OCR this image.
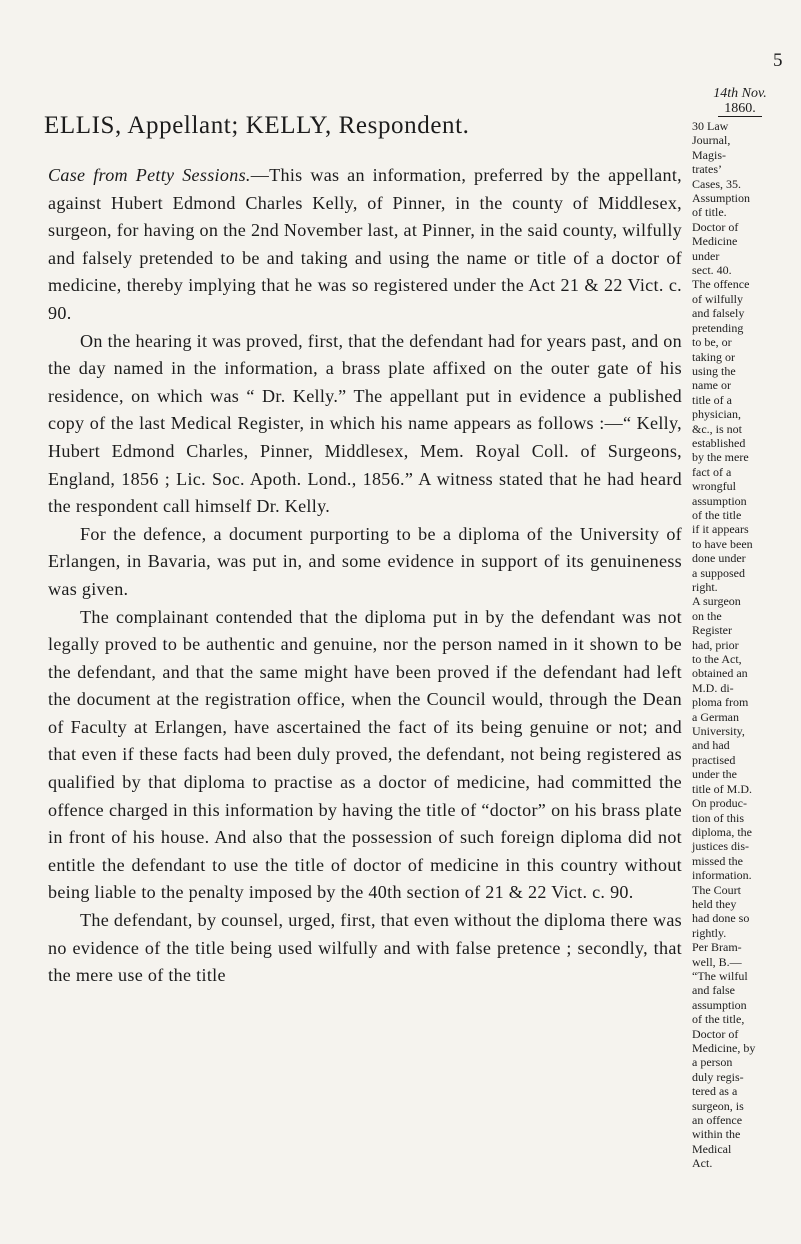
5
14th Nov.
1860.
ELLIS, Appellant; KELLY, Respondent.

Case from Petty Sessions.—This was an information, preferred by the appellant, against Hubert Edmond Charles Kelly, of Pinner, in the county of Middlesex, surgeon, for having on the 2nd November last, at Pinner, in the said county, wilfully and falsely pretended to be and taking and using the name or title of a doctor of medicine, thereby implying that he was so registered under the Act 21 & 22 Vict. c. 90.

On the hearing it was proved, first, that the defendant had for years past, and on the day named in the information, a brass plate affixed on the outer gate of his residence, on which was “ Dr. Kelly.” The appellant put in evidence a published copy of the last Medical Register, in which his name appears as follows :—“ Kelly, Hubert Edmond Charles, Pinner, Middlesex, Mem. Royal Coll. of Surgeons, England, 1856 ; Lic. Soc. Apoth. Lond., 1856.” A witness stated that he had heard the respondent call himself Dr. Kelly.

For the defence, a document purporting to be a diploma of the University of Erlangen, in Bavaria, was put in, and some evidence in support of its genuineness was given.

The complainant contended that the diploma put in by the defendant was not legally proved to be authentic and genuine, nor the person named in it shown to be the defendant, and that the same might have been proved if the defendant had left the document at the registration office, when the Council would, through the Dean of Faculty at Erlangen, have ascertained the fact of its being genuine or not; and that even if these facts had been duly proved, the defendant, not being registered as qualified by that diploma to practise as a doctor of medicine, had committed the offence charged in this information by having the title of “doctor” on his brass plate in front of his house. And also that the possession of such foreign diploma did not entitle the defendant to use the title of doctor of medicine in this country without being liable to the penalty imposed by the 40th section of 21 & 22 Vict. c. 90.

The defendant, by counsel, urged, first, that even without the diploma there was no evidence of the title being used wilfully and with false pretence ; secondly, that the mere use of the title

30 Law
Journal,
Magis-
trates’
Cases, 35.
Assumption
of title.
Doctor of
Medicine
under
sect. 40.
The offence
of wilfully
and falsely
pretending
to be, or
taking or
using the
name or
title of a
physician,
&c., is not
established
by the mere
fact of a
wrongful
assumption
of the title
if it appears
to have been
done under
a supposed
right.
A surgeon
on the
Register
had, prior
to the Act,
obtained an
M.D. di-
ploma from
a German
University,
and had
practised
under the
title of M.D.
On produc-
tion of this
diploma, the
justices dis-
missed the
information.
The Court
held they
had done so
rightly.
Per Bram-
well, B.—
“The wilful
and false
assumption
of the title,
Doctor of
Medicine, by
a person
duly regis-
tered as a
surgeon, is
an offence
within the
Medical
Act.
